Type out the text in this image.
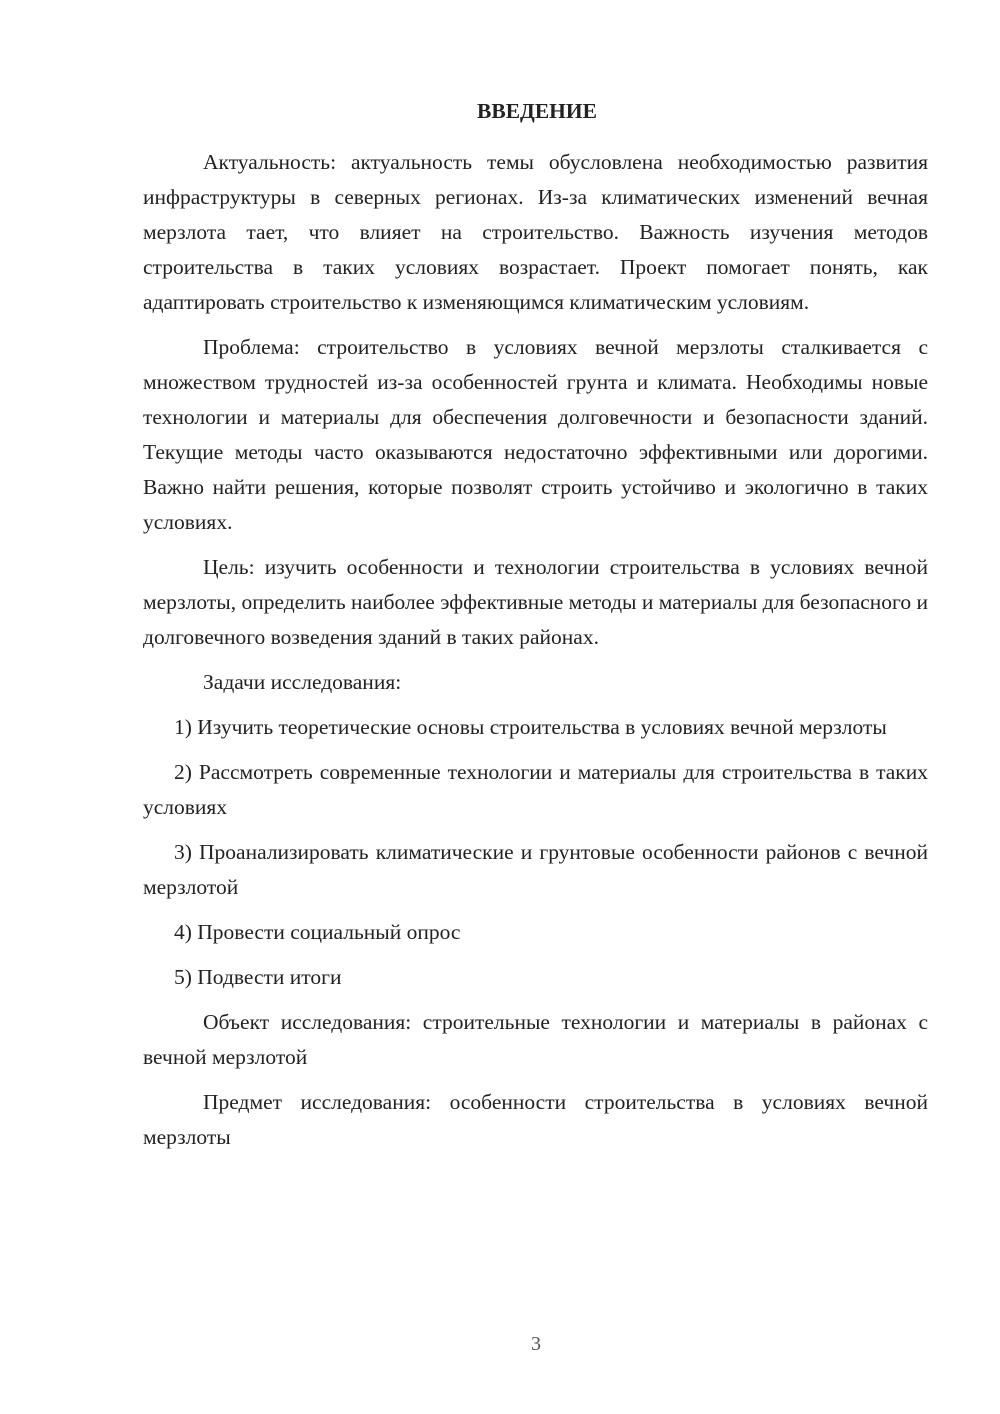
ВВЕДЕНИЕ

Актуальность: актуальность темы обусловлена необходимостью развития инфраструктуры в северных регионах. Из-за климатических изменений вечная мерзлота тает, что влияет на строительство. Важность изучения методов строительства в таких условиях возрастает. Проект помогает понять, как адаптировать строительство к изменяющимся климатическим условиям.

Проблема: строительство в условиях вечной мерзлоты сталкивается с множеством трудностей из-за особенностей грунта и климата. Необходимы новые технологии и материалы для обеспечения долговечности и безопасности зданий. Текущие методы часто оказываются недостаточно эффективными или дорогими. Важно найти решения, которые позволят строить устойчиво и экологично в таких условиях.

Цель: изучить особенности и технологии строительства в условиях вечной мерзлоты, определить наиболее эффективные методы и материалы для безопасного и долговечного возведения зданий в таких районах.

Задачи исследования:

1) Изучить теоретические основы строительства в условиях вечной мерзлоты

2) Рассмотреть современные технологии и материалы для строительства в таких условиях

3) Проанализировать климатические и грунтовые особенности районов с вечной мерзлотой

4) Провести социальный опрос

5) Подвести итоги

Объект исследования: строительные технологии и материалы в районах с вечной мерзлотой

Предмет исследования: особенности строительства в условиях вечной мерзлоты

3
